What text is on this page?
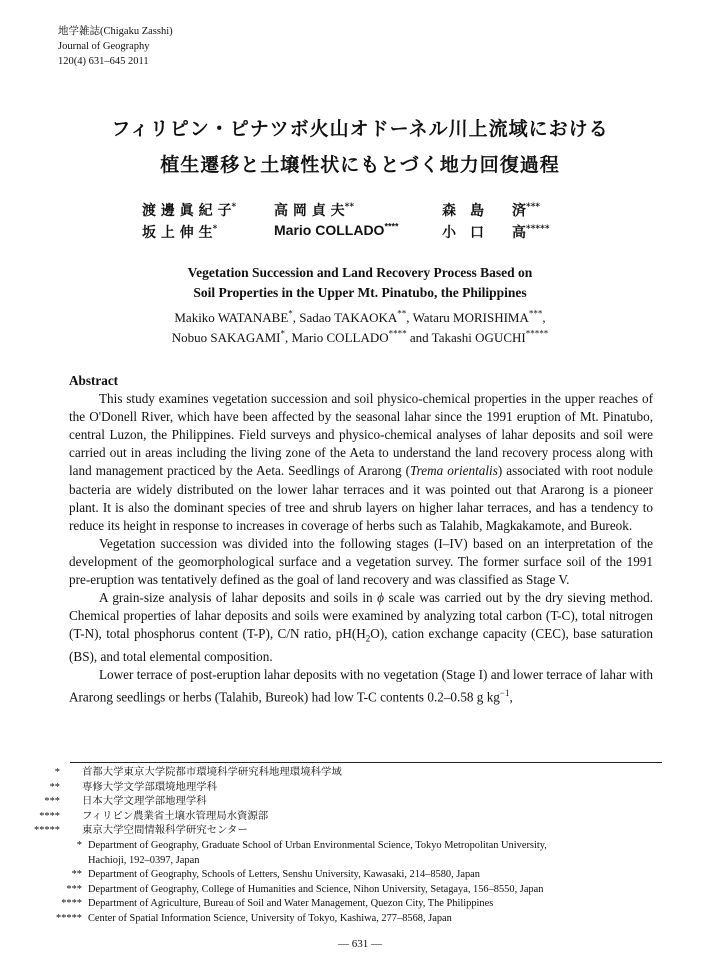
地学雑誌(Chigaku Zasshi)
Journal of Geography
120(4) 631–645 2011
フィリピン・ピナツボ火山オドーネル川上流域における
植生遷移と土壌性状にもとづく地力回復過程
渡 邊 眞 紀 子*	高 岡 貞 夫**	森　島　　済***
坂 上 伸 生*	Mario COLLADO****	小　口　　高*****
Vegetation Succession and Land Recovery Process Based on
Soil Properties in the Upper Mt. Pinatubo, the Philippines
Makiko WATANABE*, Sadao TAKAOKA**, Wataru MORISHIMA***,
Nobuo SAKAGAMI*, Mario COLLADO**** and Takashi OGUCHI*****
Abstract

This study examines vegetation succession and soil physico-chemical properties in the upper reaches of the O'Donell River, which have been affected by the seasonal lahar since the 1991 eruption of Mt. Pinatubo, central Luzon, the Philippines. Field surveys and physico-chemical analyses of lahar deposits and soil were carried out in areas including the living zone of the Aeta to understand the land recovery process along with land management practiced by the Aeta. Seedlings of Ararong (Trema orientalis) associated with root nodule bacteria are widely distributed on the lower lahar terraces and it was pointed out that Ararong is a pioneer plant. It is also the dominant species of tree and shrub layers on higher lahar terraces, and has a tendency to reduce its height in response to increases in coverage of herbs such as Talahib, Magkakamote, and Bureok.

Vegetation succession was divided into the following stages (I–IV) based on an interpretation of the development of the geomorphological surface and a vegetation survey. The former surface soil of the 1991 pre-eruption was tentatively defined as the goal of land recovery and was classified as Stage V.

A grain-size analysis of lahar deposits and soils in ϕ scale was carried out by the dry sieving method. Chemical properties of lahar deposits and soils were examined by analyzing total carbon (T-C), total nitrogen (T-N), total phosphorus content (T-P), C/N ratio, $pH(H_2O)$, cation exchange capacity (CEC), base saturation (BS), and total elemental composition.

Lower terrace of post-eruption lahar deposits with no vegetation (Stage I) and lower terrace of lahar with Ararong seedlings or herbs (Talahib, Bureok) had low T-C contents 0.2–0.58 g $kg^{-1}$,

* 首都大学東京大学院都市環境科学研究科地理環境科学域
** 専修大学文学部環境地理学科
*** 日本大学文理学部地理学科
**** フィリピン農業省土壌水管理局水資源部
***** 東京大学空間情報科学研究センター
* Department of Geography, Graduate School of Urban Environmental Science, Tokyo Metropolitan University,
Hachioji, 192–0397, Japan
** Department of Geography, Schools of Letters, Senshu University, Kawasaki, 214–8580, Japan
*** Department of Geography, College of Humanities and Science, Nihon University, Setagaya, 156–8550, Japan
**** Department of Agriculture, Bureau of Soil and Water Management, Quezon City, The Philippines
***** Center of Spatial Information Science, University of Tokyo, Kashiwa, 277–8568, Japan
— 631 —
